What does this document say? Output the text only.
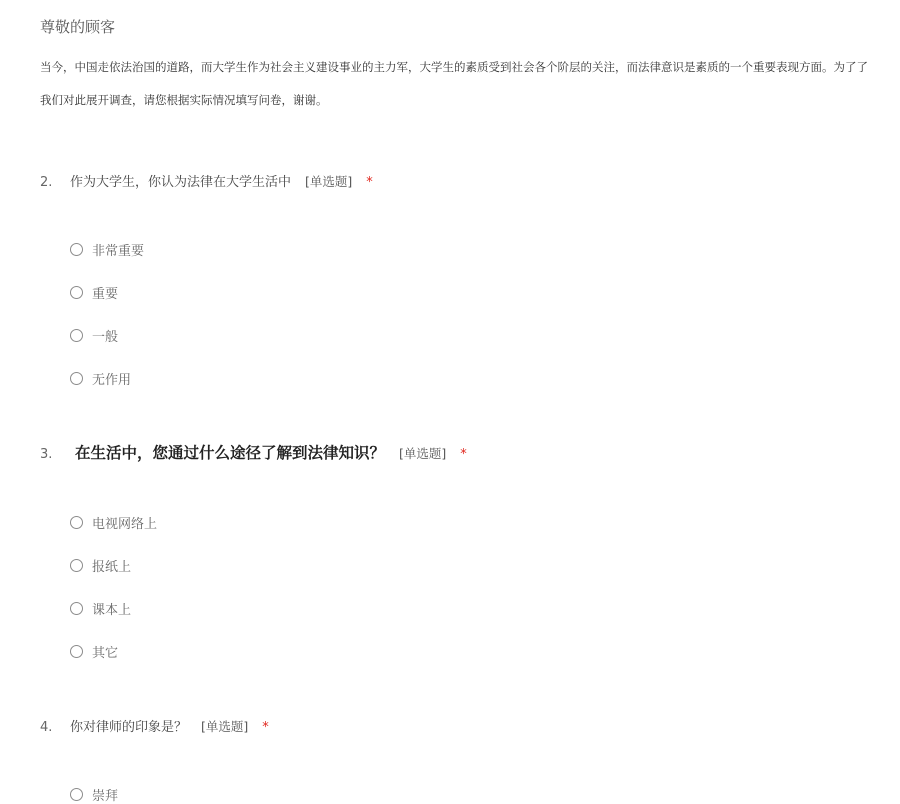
尊敬的顾客
当今，中国走依法治国的道路，而大学生作为社会主义建设事业的主力军，大学生的素质受到社会各个阶层的关注，而法律意识是素质的一个重要表现方面。为了了
我们对此展开调查，请您根据实际情况填写问卷，谢谢。
2.	作为大学生，你认为法律在大学生活中 [单选题] *
非常重要
重要
一般
无作用
3.	在生活中，您通过什么途径了解到法律知识？ [单选题] *
电视网络上
报纸上
课本上
其它
4.	你对律师的印象是？ [单选题] *
崇拜
